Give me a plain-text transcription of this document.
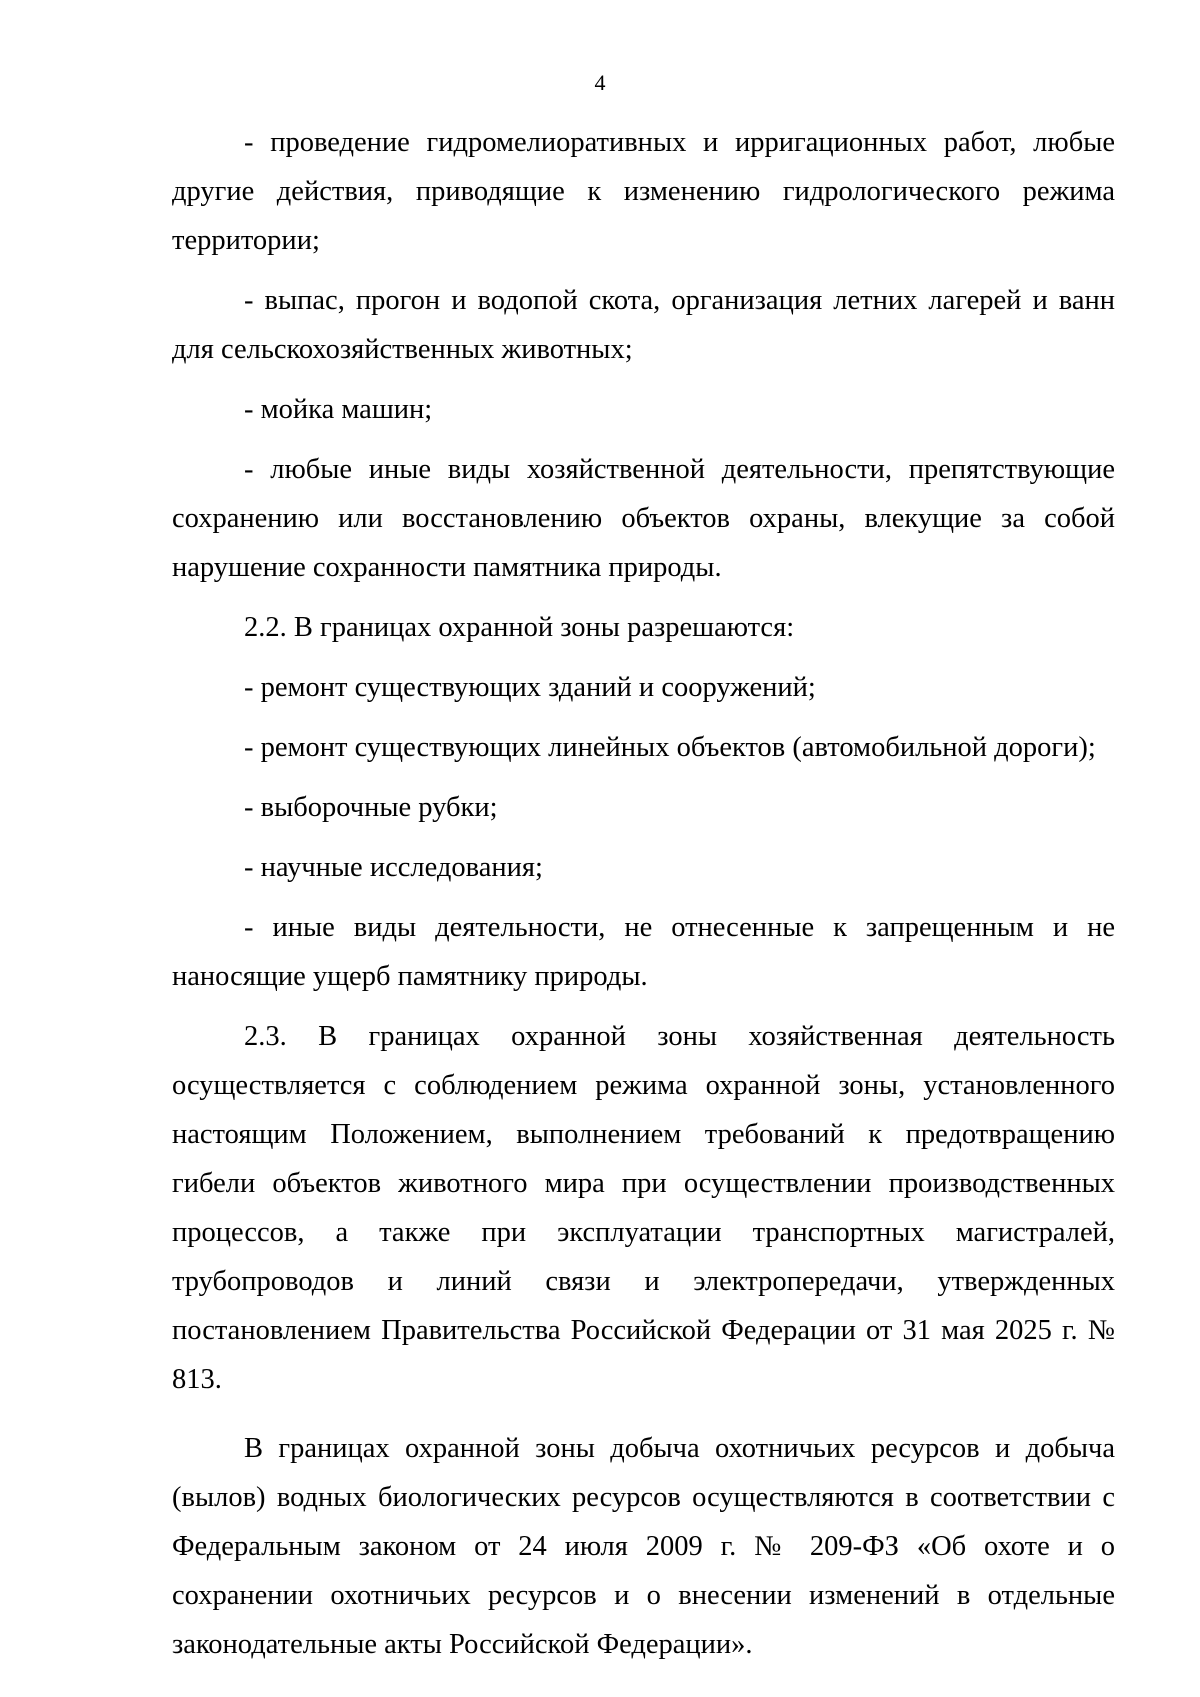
4

- проведение гидромелиоративных и ирригационных работ, любые другие действия, приводящие к изменению гидрологического режима территории;

- выпас, прогон и водопой скота, организация летних лагерей и ванн для сельскохозяйственных животных;

- мойка машин;

- любые иные виды хозяйственной деятельности, препятствующие сохранению или восстановлению объектов охраны, влекущие за собой нарушение сохранности памятника природы.

2.2. В границах охранной зоны разрешаются:

- ремонт существующих зданий и сооружений;

- ремонт существующих линейных объектов (автомобильной дороги);

- выборочные рубки;

- научные исследования;

- иные виды деятельности, не отнесенные к запрещенным и не наносящие ущерб памятнику природы.

2.3. В границах охранной зоны хозяйственная деятельность осуществляется с соблюдением режима охранной зоны, установленного настоящим Положением, выполнением требований к предотвращению гибели объектов животного мира при осуществлении производственных процессов, а также при эксплуатации транспортных магистралей, трубопроводов и линий связи и электропередачи, утвержденных постановлением Правительства Российской Федерации от 31 мая 2025 г. № 813.

В границах охранной зоны добыча охотничьих ресурсов и добыча (вылов) водных биологических ресурсов осуществляются в соответствии с Федеральным законом от 24 июля 2009 г. № 209-ФЗ «Об охоте и о сохранении охотничьих ресурсов и о внесении изменений в отдельные законодательные акты Российской Федерации».
